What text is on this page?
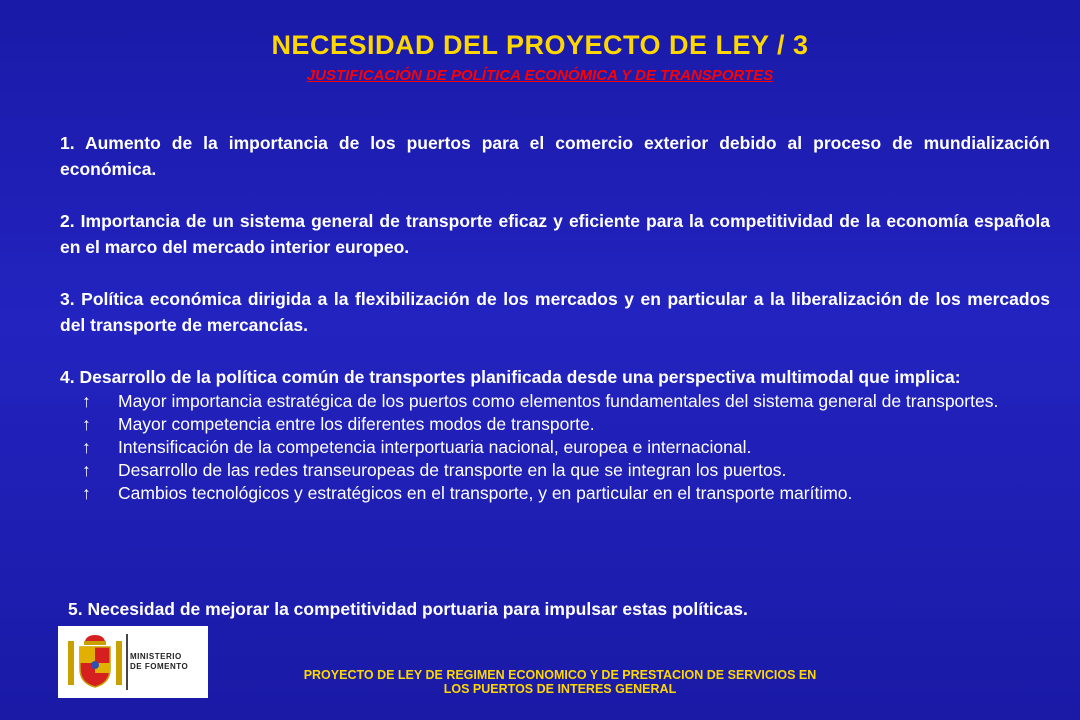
NECESIDAD DEL PROYECTO DE LEY / 3
JUSTIFICACIÓN DE POLÍTICA ECONÓMICA Y DE TRANSPORTES

1. Aumento de la importancia de los puertos para el comercio exterior debido al proceso de mundialización económica.

2. Importancia de un sistema general de transporte eficaz y eficiente para la competitividad de la economía española en el marco del mercado interior europeo.

3. Política económica dirigida a la flexibilización de los mercados y en particular a la liberalización de los mercados del transporte de mercancías.

4. Desarrollo de la política común de transportes planificada desde una perspectiva multimodal que implica:

↑	Mayor importancia estratégica de los puertos como elementos fundamentales del sistema general de transportes.
↑	Mayor competencia entre los diferentes modos de transporte.
↑	Intensificación de la competencia interportuaria nacional, europea e internacional.
↑	Desarrollo de las redes transeuropeas de transporte en la que se integran los puertos.
↑	Cambios tecnológicos y estratégicos en el transporte, y en particular en el transporte marítimo.

5. Necesidad de mejorar la competitividad portuaria para impulsar estas políticas.

MINISTERIO
DE FOMENTO
PROYECTO DE LEY DE REGIMEN ECONOMICO Y DE PRESTACION DE SERVICIOS EN
LOS PUERTOS DE INTERES GENERAL
